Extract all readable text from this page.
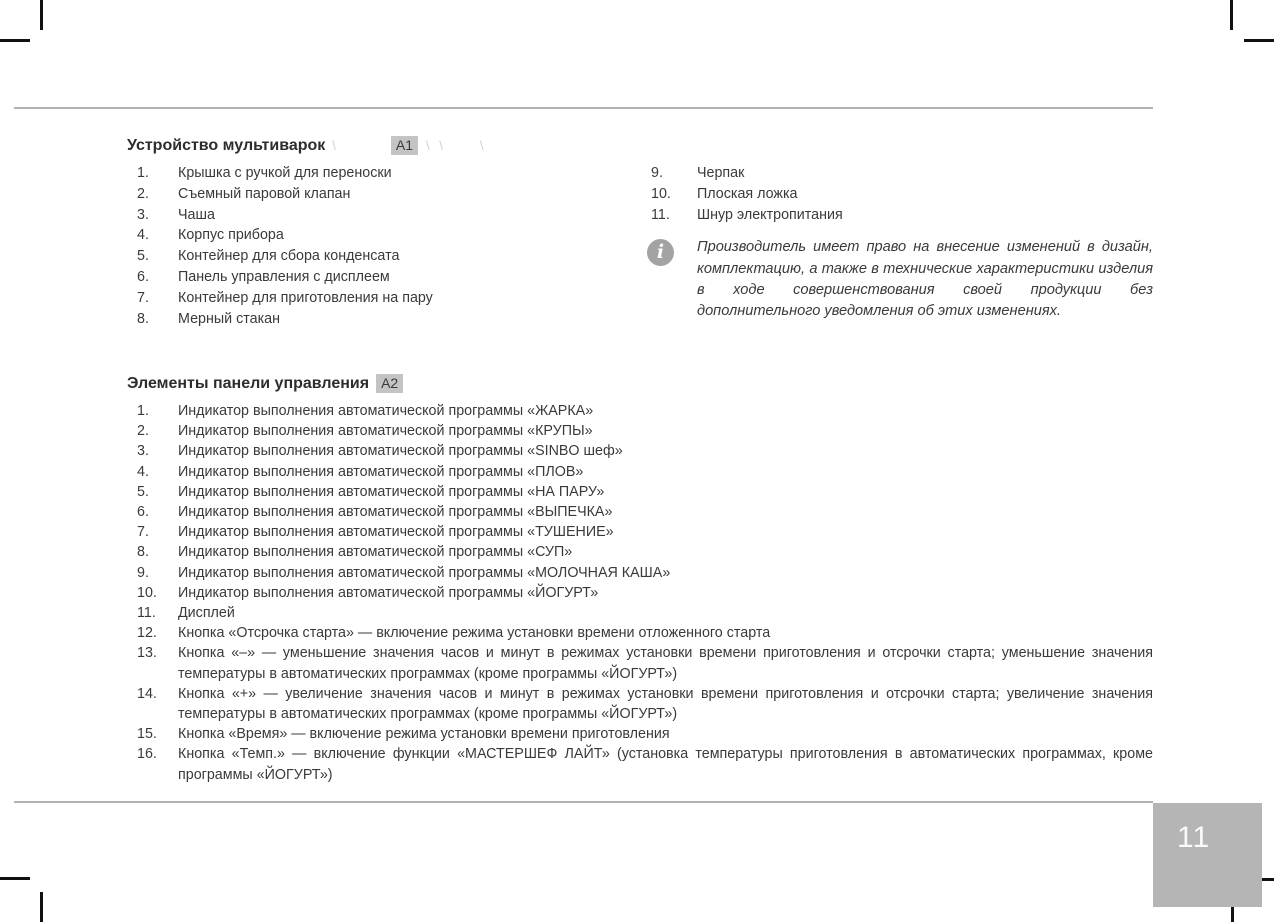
11
Устройство мультиварок \	A1	\ \	\
1.	Крышка с ручкой для переноски
2.	Съемный паровой клапан
3.	Чаша
4.	Корпус прибора
5.	Контейнер для сбора конденсата
6.	Панель управления с дисплеем
7.	Контейнер для приготовления на пару
8.	Мерный стакан
9.	Черпак
10.	Плоская ложка
11.	Шнур электропитания
i	Производитель имеет право на внесение изменений в дизайн, комплектацию, а также в технические характеристики изделия в ходе совершенствования своей продукции без дополнительного уведомления об этих изменениях.
Элементы панели управления A2
1.	Индикатор выполнения автоматической программы «ЖАРКА»
2.	Индикатор выполнения автоматической программы «КРУПЫ»
3.	Индикатор выполнения автоматической программы «SINBO шеф»
4.	Индикатор выполнения автоматической программы «ПЛОВ»
5.	Индикатор выполнения автоматической программы «НА ПАРУ»
6.	Индикатор выполнения автоматической программы «ВЫПЕЧКА»
7.	Индикатор выполнения автоматической программы «ТУШЕНИЕ»
8.	Индикатор выполнения автоматической программы «СУП»
9.	Индикатор выполнения автоматической программы «МОЛОЧНАЯ КАША»
10.	Индикатор выполнения автоматической программы «ЙОГУРТ»
11.	Дисплей
12.	Кнопка «Отсрочка старта» — включение режима установки времени отложенного старта
13.	Кнопка «–» — уменьшение значения часов и минут в режимах установки времени приготовления и отсрочки старта; уменьшение значения температуры в автоматических программах (кроме программы «ЙОГУРТ»)
14.	Кнопка «+» — увеличение значения часов и минут в режимах установки времени приготовления и отсрочки старта; увеличение значения температуры в автоматических программах (кроме программы «ЙОГУРТ»)
15.	Кнопка «Время» — включение режима установки времени приготовления
16.	Кнопка «Темп.» — включение функции «МАСТЕРШЕФ ЛАЙТ» (установка температуры приготовления в автоматических программах, кроме программы «ЙОГУРТ»)
